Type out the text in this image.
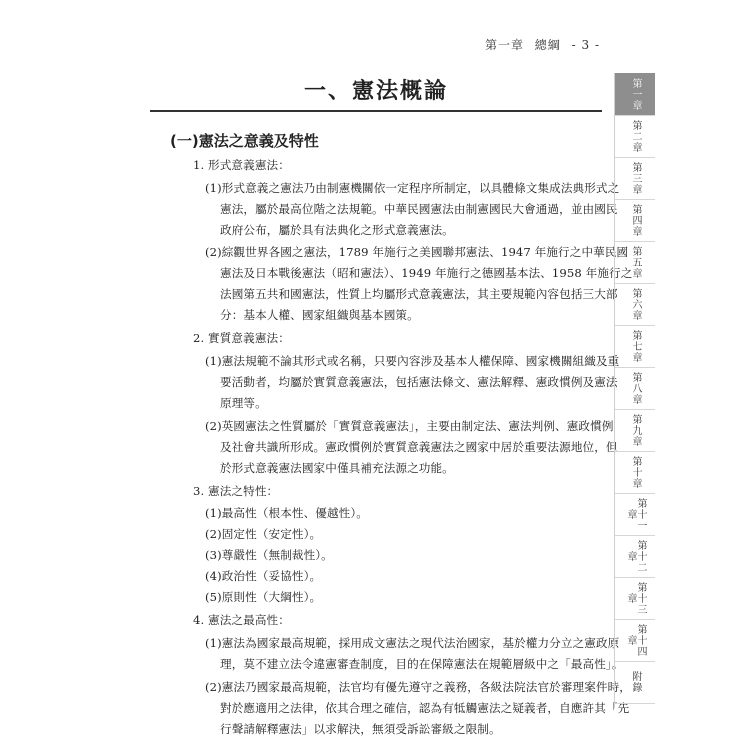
第一章 總綱 - 3 -
一、憲法概論
(一)憲法之意義及特性
1. 形式意義憲法：
(1)形式意義之憲法乃由制憲機關依一定程序所制定，以具體條文集成法典形式之
憲法，屬於最高位階之法規範。中華民國憲法由制憲國民大會通過，並由國民
政府公布，屬於具有法典化之形式意義憲法。
(2)綜觀世界各國之憲法，1789 年施行之美國聯邦憲法、1947 年施行之中華民國
憲法及日本戰後憲法（昭和憲法）、1949 年施行之德國基本法、1958 年施行之
法國第五共和國憲法，性質上均屬形式意義憲法，其主要規範內容包括三大部
分：基本人權、國家組織與基本國策。
2. 實質意義憲法：
(1)憲法規範不論其形式或名稱，只要內容涉及基本人權保障、國家機關組織及重
要活動者，均屬於實質意義憲法，包括憲法條文、憲法解釋、憲政慣例及憲法
原理等。
(2)英國憲法之性質屬於「實質意義憲法」，主要由制定法、憲法判例、憲政慣例
及社會共識所形成。憲政慣例於實質意義憲法之國家中居於重要法源地位，但
於形式意義憲法國家中僅具補充法源之功能。
3. 憲法之特性：
(1)最高性（根本性、優越性）。
(2)固定性（安定性）。
(3)尊嚴性（無制裁性）。
(4)政治性（妥協性）。
(5)原則性（大綱性）。
4. 憲法之最高性：
(1)憲法為國家最高規範，採用成文憲法之現代法治國家，基於權力分立之憲政原
理，莫不建立法令違憲審查制度，目的在保障憲法在規範層級中之「最高性」。
(2)憲法乃國家最高規範，法官均有優先遵守之義務，各級法院法官於審理案件時，
對於應適用之法律，依其合理之確信，認為有牴觸憲法之疑義者，自應許其「先
行聲請解釋憲法」以求解決，無須受訴訟審級之限制。
第一章
第二章
第三章
第四章
第五章
第六章
第七章
第八章
第九章
第十章
第十一章
第十二章
第十三章
第十四章
附錄
